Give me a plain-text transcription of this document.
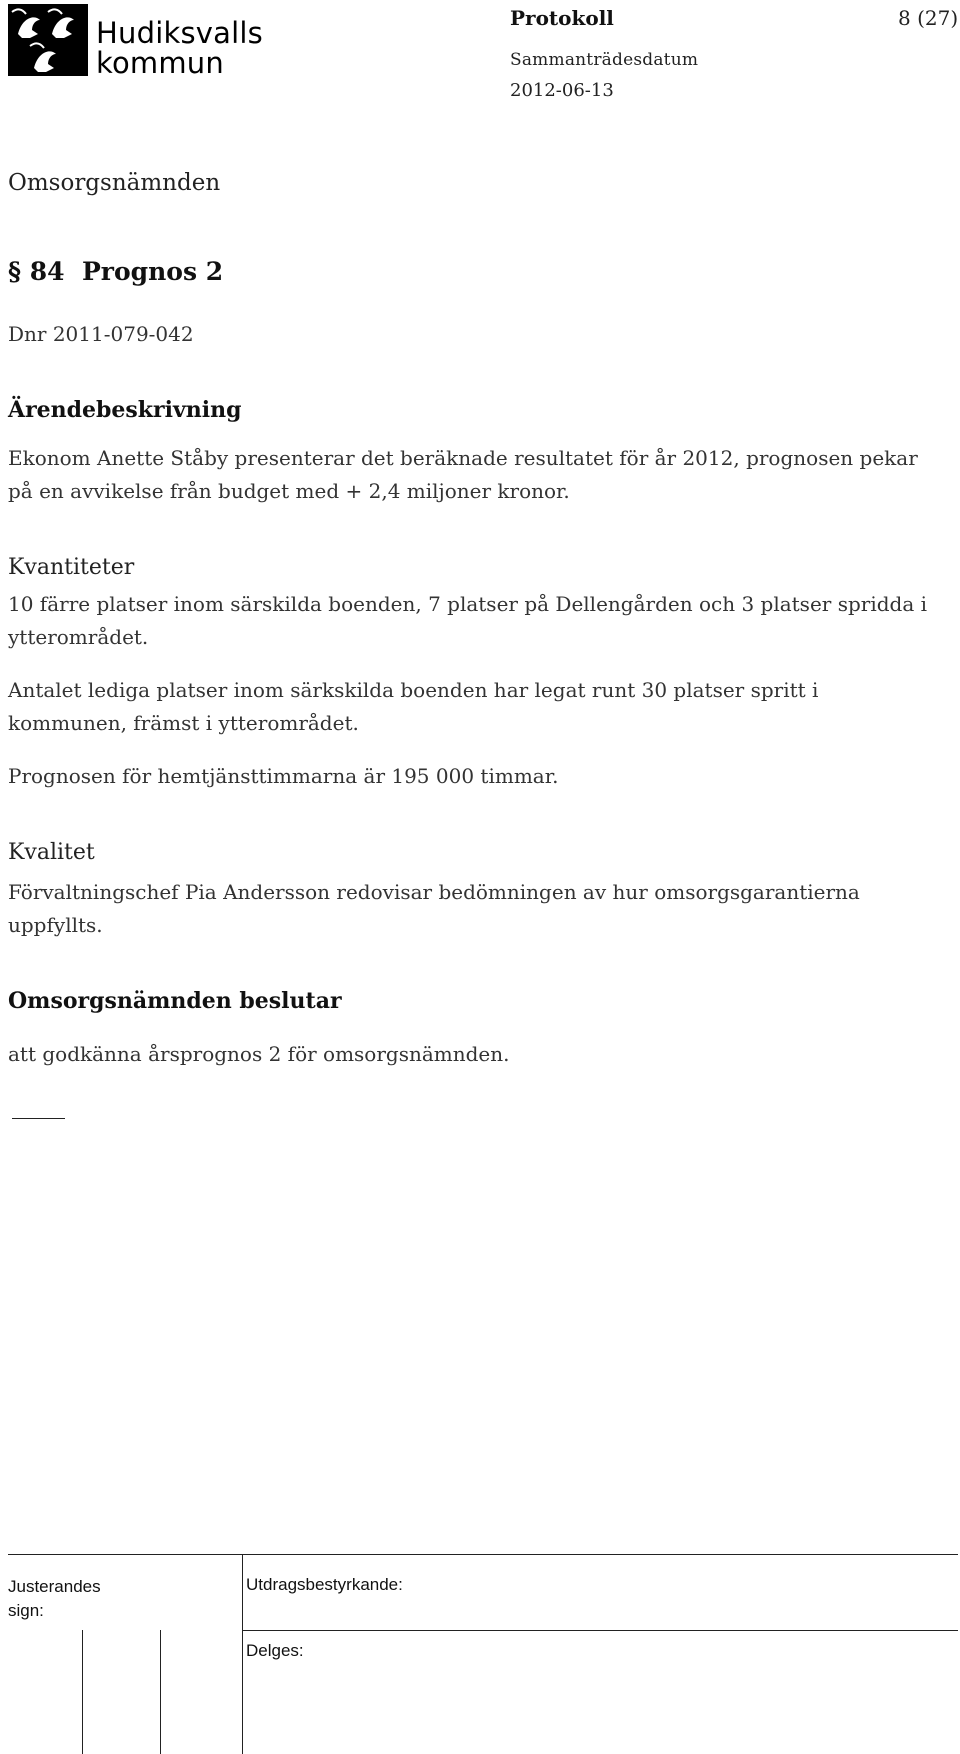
Hudiksvalls
kommun
Protokoll	8 (27)
Sammanträdesdatum
2012-06-13
Omsorgsnämnden
§ 84  Prognos 2
Dnr 2011-079-042
Ärendebeskrivning
Ekonom Anette Ståby presenterar det beräknade resultatet för år 2012, prognosen pekar på en avvikelse från budget med + 2,4 miljoner kronor.
Kvantiteter
10 färre platser inom särskilda boenden, 7 platser på Dellengården och 3 platser spridda i ytterområdet.
Antalet lediga platser inom särkskilda boenden har legat runt 30 platser spritt i kommunen, främst i ytterområdet.
Prognosen för hemtjänsttimmarna är 195 000 timmar.
Kvalitet
Förvaltningschef Pia Andersson redovisar bedömningen av hur omsorgsgarantierna uppfyllts.
Omsorgsnämnden beslutar
att godkänna årsprognos 2 för omsorgsnämnden.
Justerandes
sign:
Utdragsbestyrkande:
Delges:
